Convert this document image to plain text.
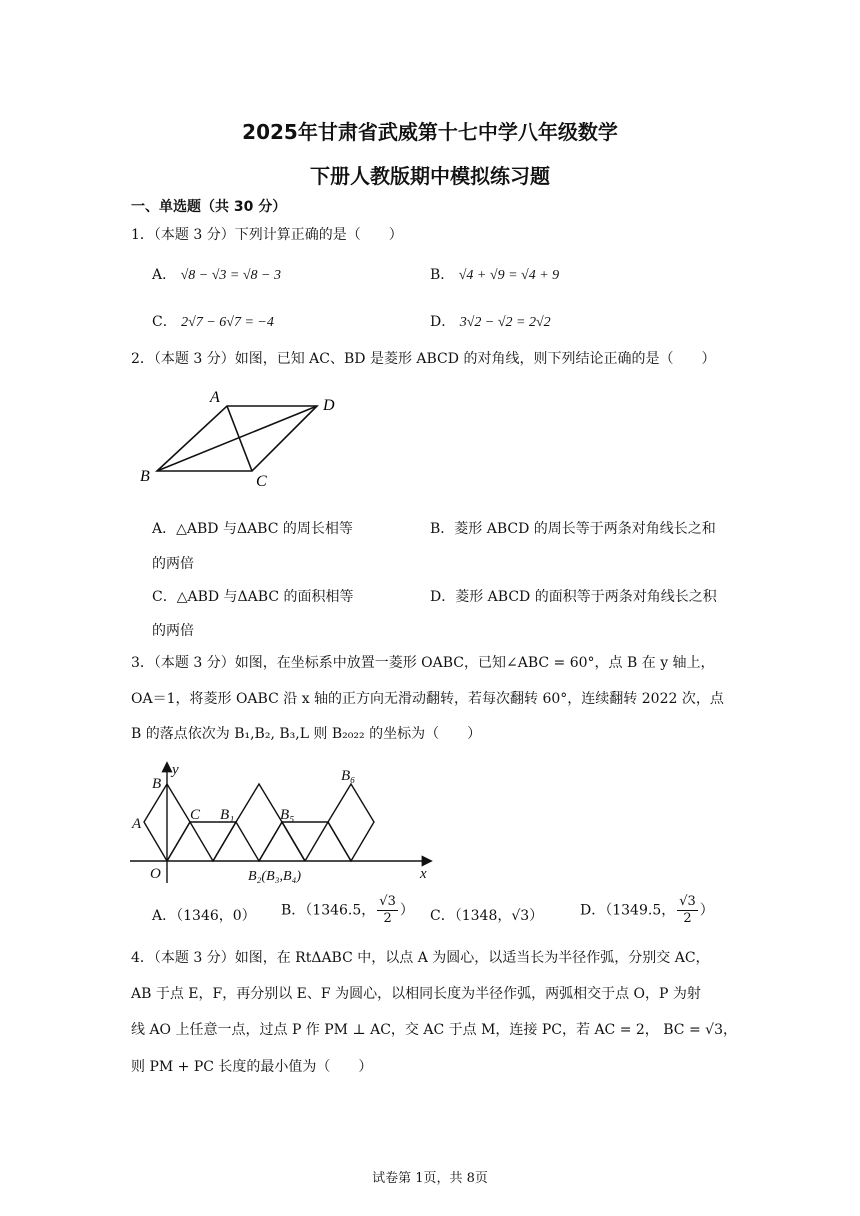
2025年甘肃省武威第十七中学八年级数学
下册人教版期中模拟练习题
一、单选题（共 30 分）
1．（本题 3 分）下列计算正确的是（　　）
A． √8 − √3 = √8 − 3	B． √4 + √9 = √4 + 9
C． 2√7 − 6√7 = −4	D． 3√2 − √2 = 2√2
2．（本题 3 分）如图，已知 AC、BD 是菱形 ABCD 的对角线，则下列结论正确的是（　　）
A	D
B	C
A．△ABD 与ΔABC 的周长相等
的两倍
B．菱形 ABCD 的周长等于两条对角线长之和
C．△ABD 与ΔABC 的面积相等
的两倍
D．菱形 ABCD 的面积等于两条对角线长之积
3．（本题 3 分）如图，在坐标系中放置一菱形 OABC，已知∠ABC = 60°，点 B 在 y 轴上，
OA＝1，将菱形 OABC 沿 x 轴的正方向无滑动翻转，若每次翻转 60°，连续翻转 2022 次，点
B 的落点依次为 B₁,B₂, B₃,L 则 B₂₀₂₂ 的坐标为（　　）
y
x
O
A
B
C B₁	B₅
B₆
B₂(B₃,B₄)
A．（1346，0） B．（1346.5， $\frac{√3}{2}$ ） C．（1348，√3）	D．（1349.5， $\frac{√3}{2}$ ）
4．（本题 3 分）如图，在 RtΔABC 中，以点 A 为圆心，以适当长为半径作弧，分别交 AC，
AB 于点 E，F，再分别以 E、F 为圆心，以相同长度为半径作弧，两弧相交于点 O，P 为射
线 AO 上任意一点，过点 P 作 PM ⊥ AC，交 AC 于点 M，连接 PC，若 AC = 2， BC = √3，
则 PM + PC 长度的最小值为（　　）
试卷第 1页，共 8页
